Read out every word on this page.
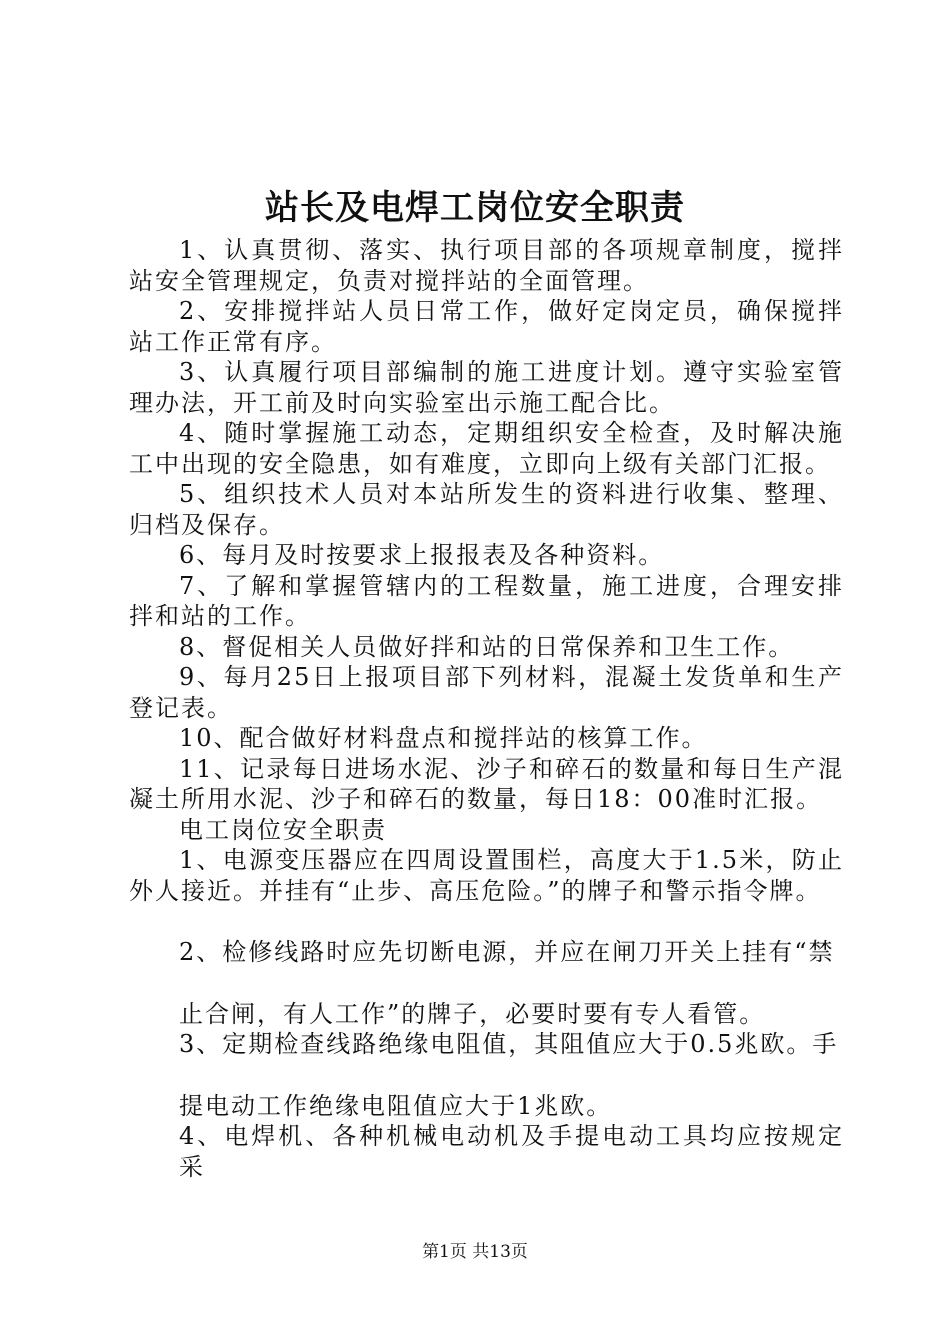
站长及电焊工岗位安全职责

1、认真贯彻、落实、执行项目部的各项规章制度，搅拌站安全管理规定，负责对搅拌站的全面管理。

2、安排搅拌站人员日常工作，做好定岗定员，确保搅拌站工作正常有序。

3、认真履行项目部编制的施工进度计划。遵守实验室管理办法，开工前及时向实验室出示施工配合比。

4、随时掌握施工动态，定期组织安全检查，及时解决施工中出现的安全隐患，如有难度，立即向上级有关部门汇报。

5、组织技术人员对本站所发生的资料进行收集、整理、归档及保存。

6、每月及时按要求上报报表及各种资料。

7、了解和掌握管辖内的工程数量，施工进度，合理安排拌和站的工作。

8、督促相关人员做好拌和站的日常保养和卫生工作。

9、每月25日上报项目部下列材料，混凝土发货单和生产登记表。

10、配合做好材料盘点和搅拌站的核算工作。

11、记录每日进场水泥、沙子和碎石的数量和每日生产混凝土所用水泥、沙子和碎石的数量，每日18：00准时汇报。

电工岗位安全职责

1、电源变压器应在四周设置围栏，高度大于1.5米，防止外人接近。并挂有“止步、高压危险。”的牌子和警示指令牌。

2、检修线路时应先切断电源，并应在闸刀开关上挂有“禁

止合闸，有人工作”的牌子，必要时要有专人看管。

3、定期检查线路绝缘电阻值，其阻值应大于0.5兆欧。手

提电动工作绝缘电阻值应大于1兆欧。

4、电焊机、各种机械电动机及手提电动工具均应按规定采

第1页 共13页
